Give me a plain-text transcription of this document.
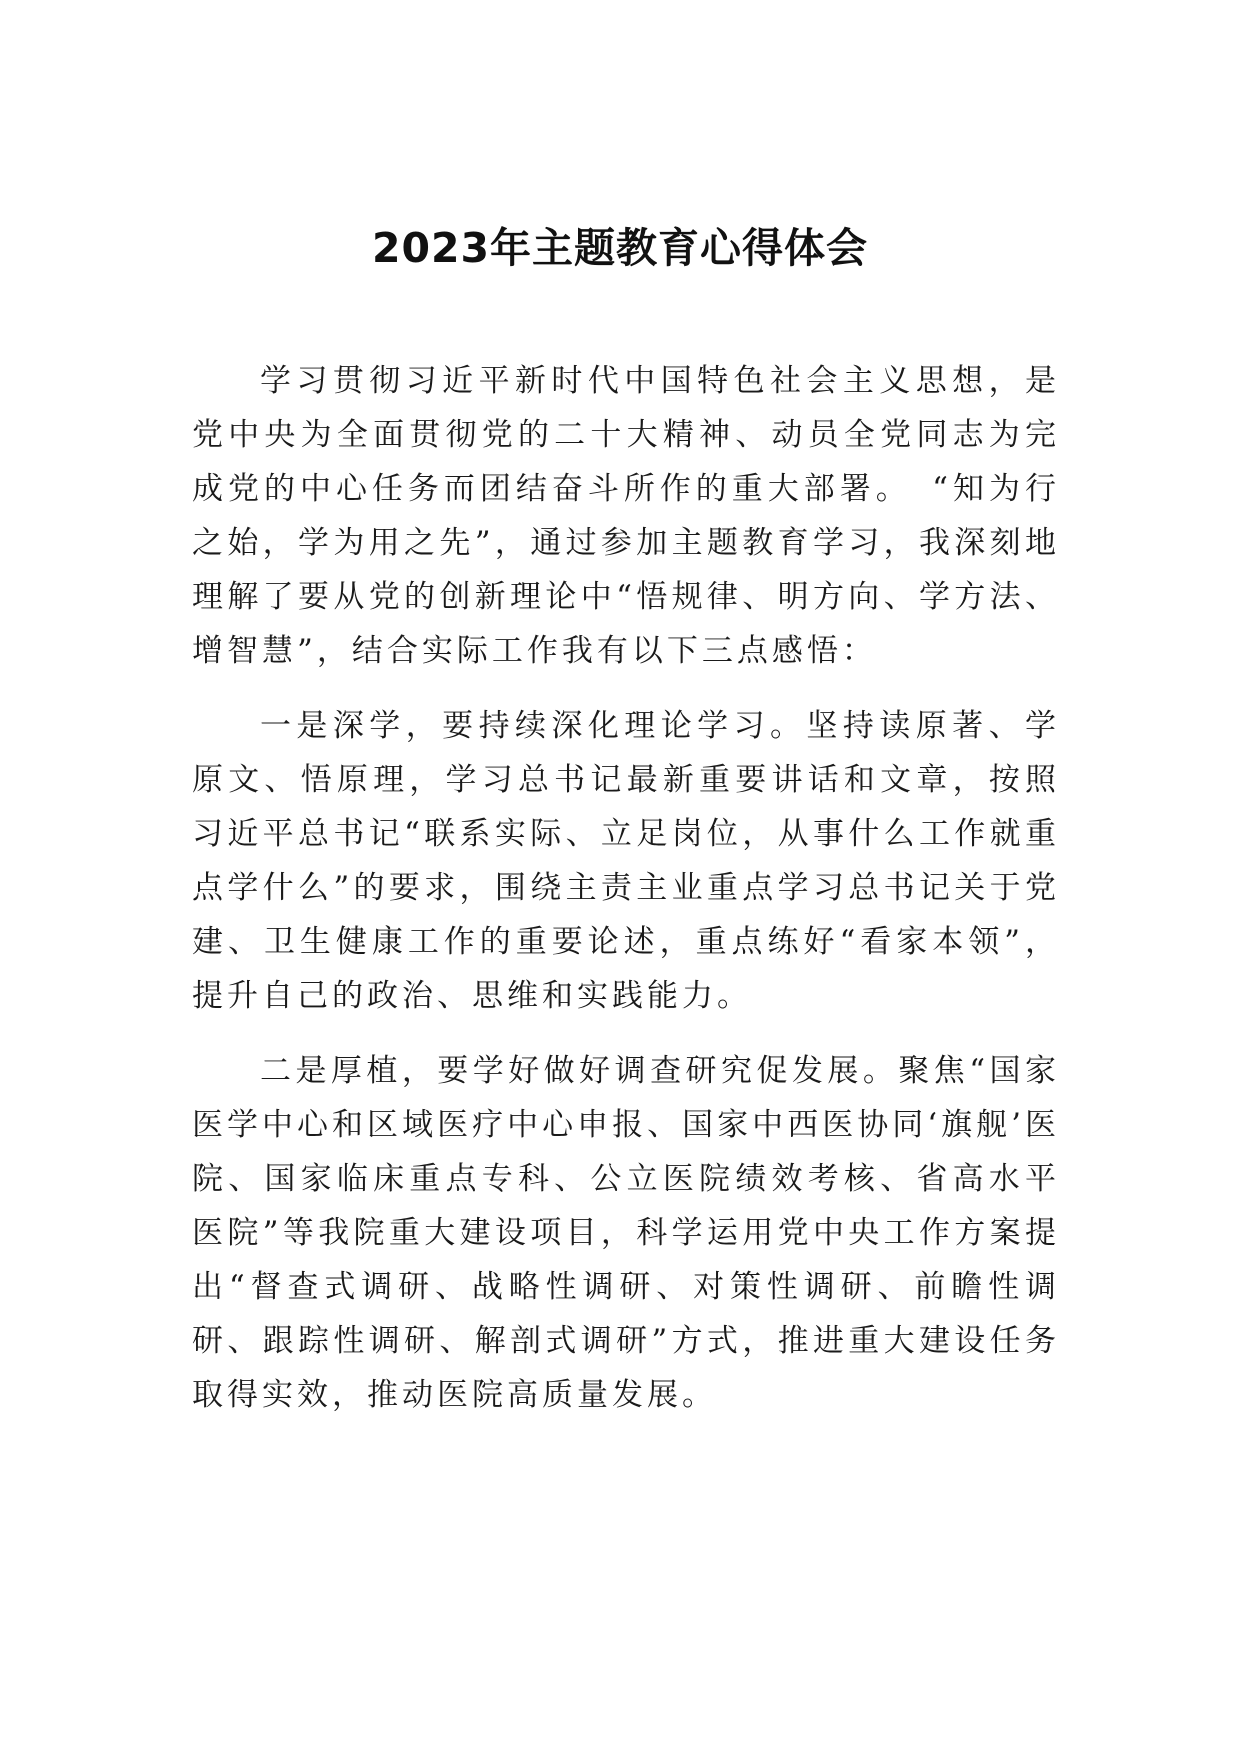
2023年主题教育心得体会

学习贯彻习近平新时代中国特色社会主义思想，是党中央为全面贯彻党的二十大精神、动员全党同志为完成党的中心任务而团结奋斗所作的重大部署。　“知为行之始，学为用之先”，通过参加主题教育学习，我深刻地理解了要从党的创新理论中“悟规律、明方向、学方法、增智慧”，结合实际工作我有以下三点感悟：

一是深学，要持续深化理论学习。坚持读原著、学原文、悟原理，学习总书记最新重要讲话和文章，按照习近平总书记“联系实际、立足岗位，从事什么工作就重点学什么”的要求，围绕主责主业重点学习总书记关于党建、卫生健康工作的重要论述，重点练好“看家本领”，提升自己的政治、思维和实践能力。

二是厚植，要学好做好调查研究促发展。聚焦“国家医学中心和区域医疗中心申报、国家中西医协同‘旗舰’医院、国家临床重点专科、公立医院绩效考核、省高水平医院”等我院重大建设项目，科学运用党中央工作方案提出“督查式调研、战略性调研、对策性调研、前瞻性调研、跟踪性调研、解剖式调研”方式，推进重大建设任务取得实效，推动医院高质量发展。
